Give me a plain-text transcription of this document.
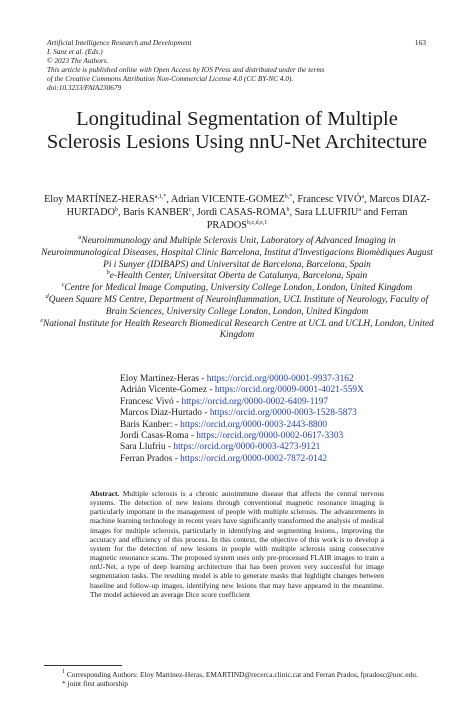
Artificial Intelligence Research and Development
I. Sanz et al. (Eds.)
© 2023 The Authors.
This article is published online with Open Access by IOS Press and distributed under the terms
of the Creative Commons Attribution Non-Commercial License 4.0 (CC BY-NC 4.0).
doi:10.3233/FAIA230679
163
Longitudinal Segmentation of Multiple Sclerosis Lesions Using nnU-Net Architecture
Eloy MARTÍNEZ-$HERAS^{a,1,*}$, Adrian VICENTE-$GOMEZ^{b,*}$, Francesc VIVÓ$^a$, Marcos DIAZ-HURTADO$^b$, Baris KANBER$^c$, Jordi CASAS-ROMA$^b$, Sara LLUFRIU$^a$ and Ferran PRADOS$^{b,c,d,e,1}$
$^a$Neuroimmunology and Multiple Sclerosis Unit, Laboratory of Advanced Imaging in Neuroimmunological Diseases, Hospital Clinic Barcelona, Institut d'Investigacions Biomèdiques August Pi i Sunyer (IDIBAPS) and Universitat de Barcelona, Barcelona, Spain
$^b$e-Health Center, Universitat Oberta de Catalunya, Barcelona, Spain
$^c$Centre for Medical Image Computing, University College London, London, United Kingdom
$^d$Queen Square MS Centre, Department of Neuroinflammation, UCL Institute of Neurology, Faculty of Brain Sciences, University College London, London, United Kingdom
$^e$National Institute for Health Research Biomedical Research Centre at UCL and UCLH, London, United Kingdom
Eloy Martínez-Heras - https://orcid.org/0000-0001-9937-3162
Adrián Vicente-Gomez - https://orcid.org/0009-0001-4021-559X
Francesc Vivó - https://orcid.org/0000-0002-6409-1197
Marcos Diaz-Hurtado - https://orcid.org/0000-0003-1528-5873
Baris Kanber: - https://orcid.org/0000-0003-2443-8800
Jordi Casas-Roma - https://orcid.org/0000-0002-0617-3303
Sara Llufriu - https://orcid.org/0000-0003-4273-9121
Ferran Prados - https://orcid.org/0000-0002-7872-0142
Abstract. Multiple sclerosis is a chronic autoimmune disease that affects the central nervous systems. The detection of new lesions through conventional magnetic resonance imaging is particularly important in the management of people with multiple sclerosis. The advancements in machine learning technology in recent years have significantly transformed the analysis of medical images for multiple sclerosis, particularly in identifying and segmenting lesions., improving the accuracy and efficiency of this process. In this context, the objective of this work is to develop a system for the detection of new lesions in people with multiple sclerosis using consecutive magnetic resonance scans. The proposed system uses only pre-processed FLAIR images to train a nnU-Net, a type of deep learning architecture that has been proven very successful for image segmentation tasks. The resulting model is able to generate masks that highlight changes between baseline and follow-up images, identifying new lesions that may have appeared in the meantime. The model achieved an average Dice score coefficient
$^1$ Corresponding Authors: Eloy Martinez-Heras, EMARTIND@recerca.clinic.cat and Ferran Prados, fpradosc@uoc.edu.
* joint first authorship
